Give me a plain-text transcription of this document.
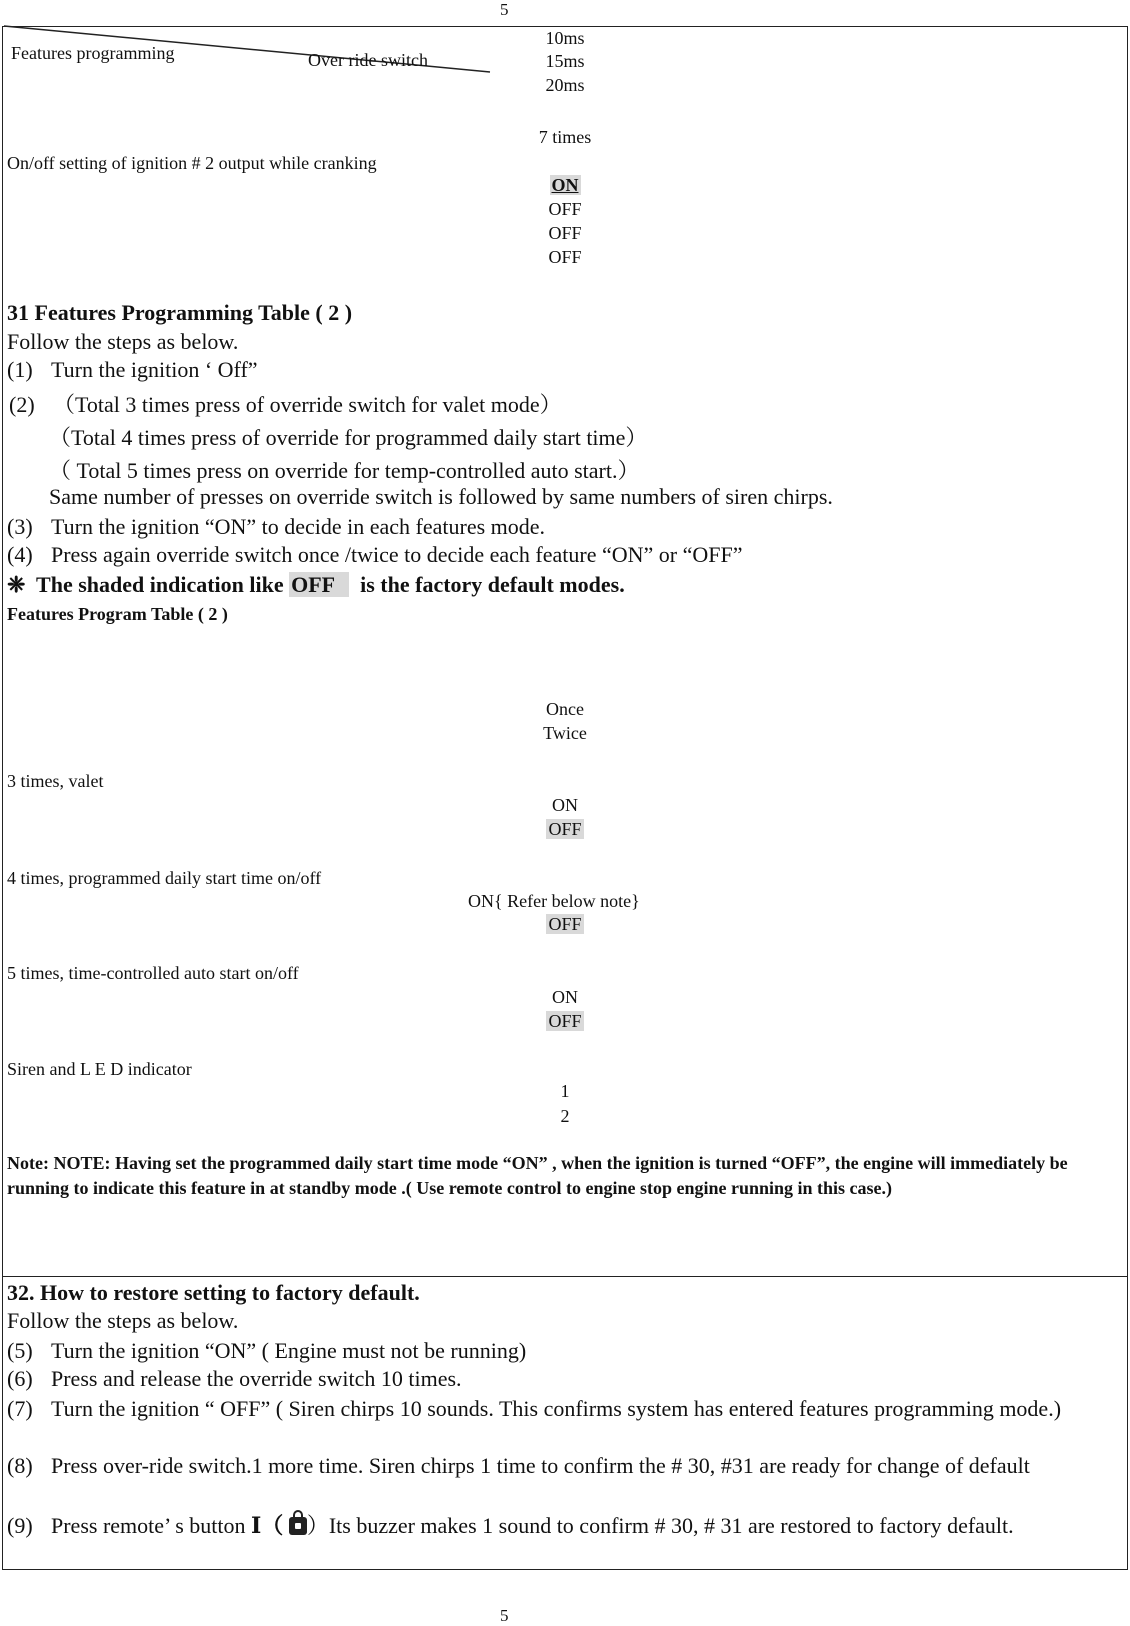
5
5
Features programming	Over ride switch
10ms
15ms
20ms
7 times
On/off setting of ignition # 2 output while cranking
ON
OFF
OFF
OFF
31 Features Programming Table ( 2 )
Follow the steps as below.
(1) Turn the ignition ‘ Off”
(2) （Total 3 times press of override switch for valet mode）
（Total 4 times press of override for programmed daily start time）
（ Total 5 times press on override for temp-controlled auto start.）
Same number of presses on override switch is followed by same numbers of siren chirps.
(3) Turn the ignition “ON” to decide in each features mode.
(4) Press again override switch once /twice to decide each feature “ON” or “OFF”
❈ The shaded indication like OFF is the factory default modes.
Features Program Table ( 2 )
Once
Twice
3 times, valet
ON
OFF
4 times, programmed daily start time on/off
ON{ Refer below note}
OFF
5 times, time-controlled auto start on/off
ON
OFF
Siren and L E D indicator
1
2
Note: NOTE: Having set the programmed daily start time mode “ON” , when the ignition is turned “OFF”, the engine will immediately be running to indicate this feature in at standby mode .( Use remote control to engine stop engine running in this case.)
32. How to restore setting to factory default.
Follow the steps as below.
(5) Turn the ignition “ON” ( Engine must not be running)
(6) Press and release the override switch 10 times.
(7) Turn the ignition “ OFF” ( Siren chirps 10 sounds. This confirms system has entered features programming mode.)
(8) Press over-ride switch.1 more time. Siren chirps 1 time to confirm the # 30, #31 are ready for change of default
(9) Press remote’ s button Ⅰ（ ）Its buzzer makes 1 sound to confirm # 30, # 31 are restored to factory default.
